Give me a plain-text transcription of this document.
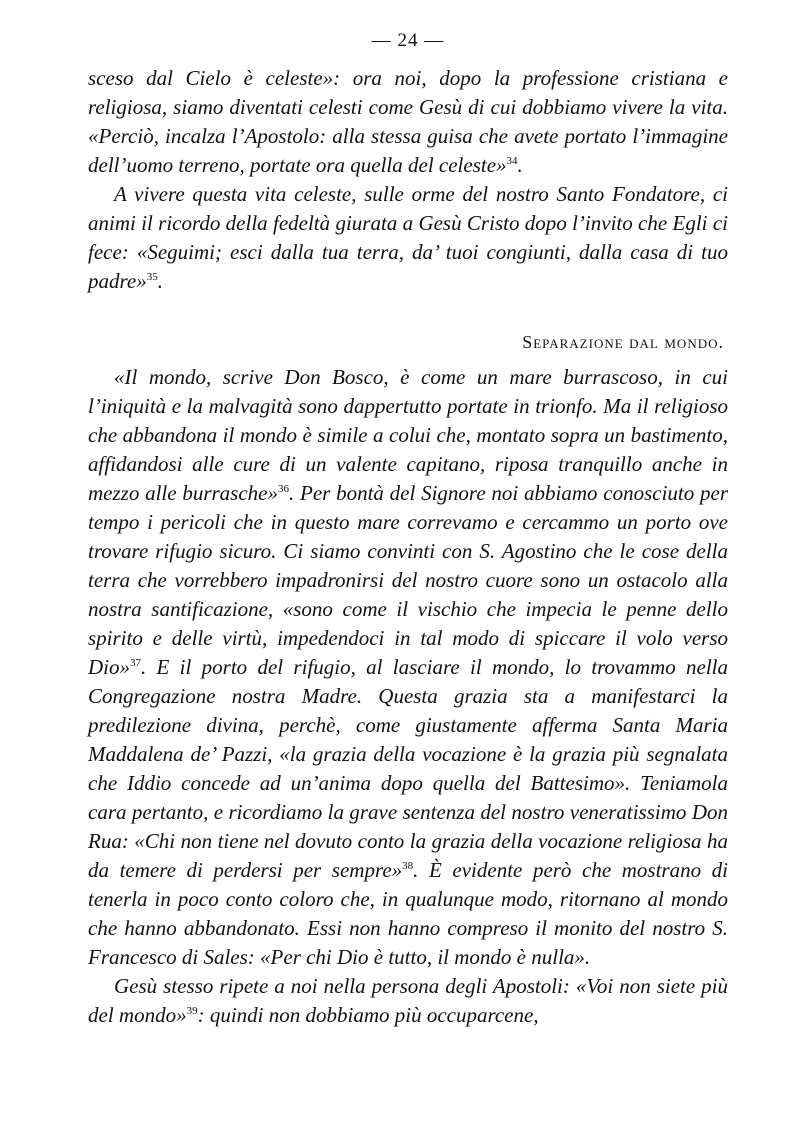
— 24 —

sceso dal Cielo è celeste»: ora noi, dopo la professione cristiana e religiosa, siamo diventati celesti come Gesù di cui dobbiamo vivere la vita. «Perciò, incalza l’Apostolo: alla stessa guisa che avete portato l’immagine dell’uomo terreno, portate ora quella del celeste»$^{34}$.

A vivere questa vita celeste, sulle orme del nostro Santo Fondatore, ci animi il ricordo della fedeltà giurata a Gesù Cristo dopo l’invito che Egli ci fece: «Seguimi; esci dalla tua terra, da’ tuoi congiunti, dalla casa di tuo padre»$^{35}$.

Separazione dal mondo.

«Il mondo, scrive Don Bosco, è come un mare burrascoso, in cui l’iniquità e la malvagità sono dappertutto portate in trionfo. Ma il religioso che abbandona il mondo è simile a colui che, montato sopra un bastimento, affidandosi alle cure di un valente capitano, riposa tranquillo anche in mezzo alle burrasche»$^{36}$. Per bontà del Signore noi abbiamo conosciuto per tempo i pericoli che in questo mare correvamo e cercammo un porto ove trovare rifugio sicuro. Ci siamo convinti con S. Agostino che le cose della terra che vorrebbero impadronirsi del nostro cuore sono un ostacolo alla nostra santificazione, «sono come il vischio che impecia le penne dello spirito e delle virtù, impedendoci in tal modo di spiccare il volo verso Dio»$^{37}$. E il porto del rifugio, al lasciare il mondo, lo trovammo nella Congregazione nostra Madre. Questa grazia sta a manifestarci la predilezione divina, perchè, come giustamente afferma Santa Maria Maddalena de’ Pazzi, «la grazia della vocazione è la grazia più segnalata che Iddio concede ad un’anima dopo quella del Battesimo». Teniamola cara pertanto, e ricordiamo la grave sentenza del nostro veneratissimo Don Rua: «Chi non tiene nel dovuto conto la grazia della vocazione religiosa ha da temere di perdersi per sempre»$^{38}$. È evidente però che mostrano di tenerla in poco conto coloro che, in qualunque modo, ritornano al mondo che hanno abbandonato. Essi non hanno compreso il monito del nostro S. Francesco di Sales: «Per chi Dio è tutto, il mondo è nulla».

Gesù stesso ripete a noi nella persona degli Apostoli: «Voi non siete più del mondo»$^{39}$: quindi non dobbiamo più occuparcene,
